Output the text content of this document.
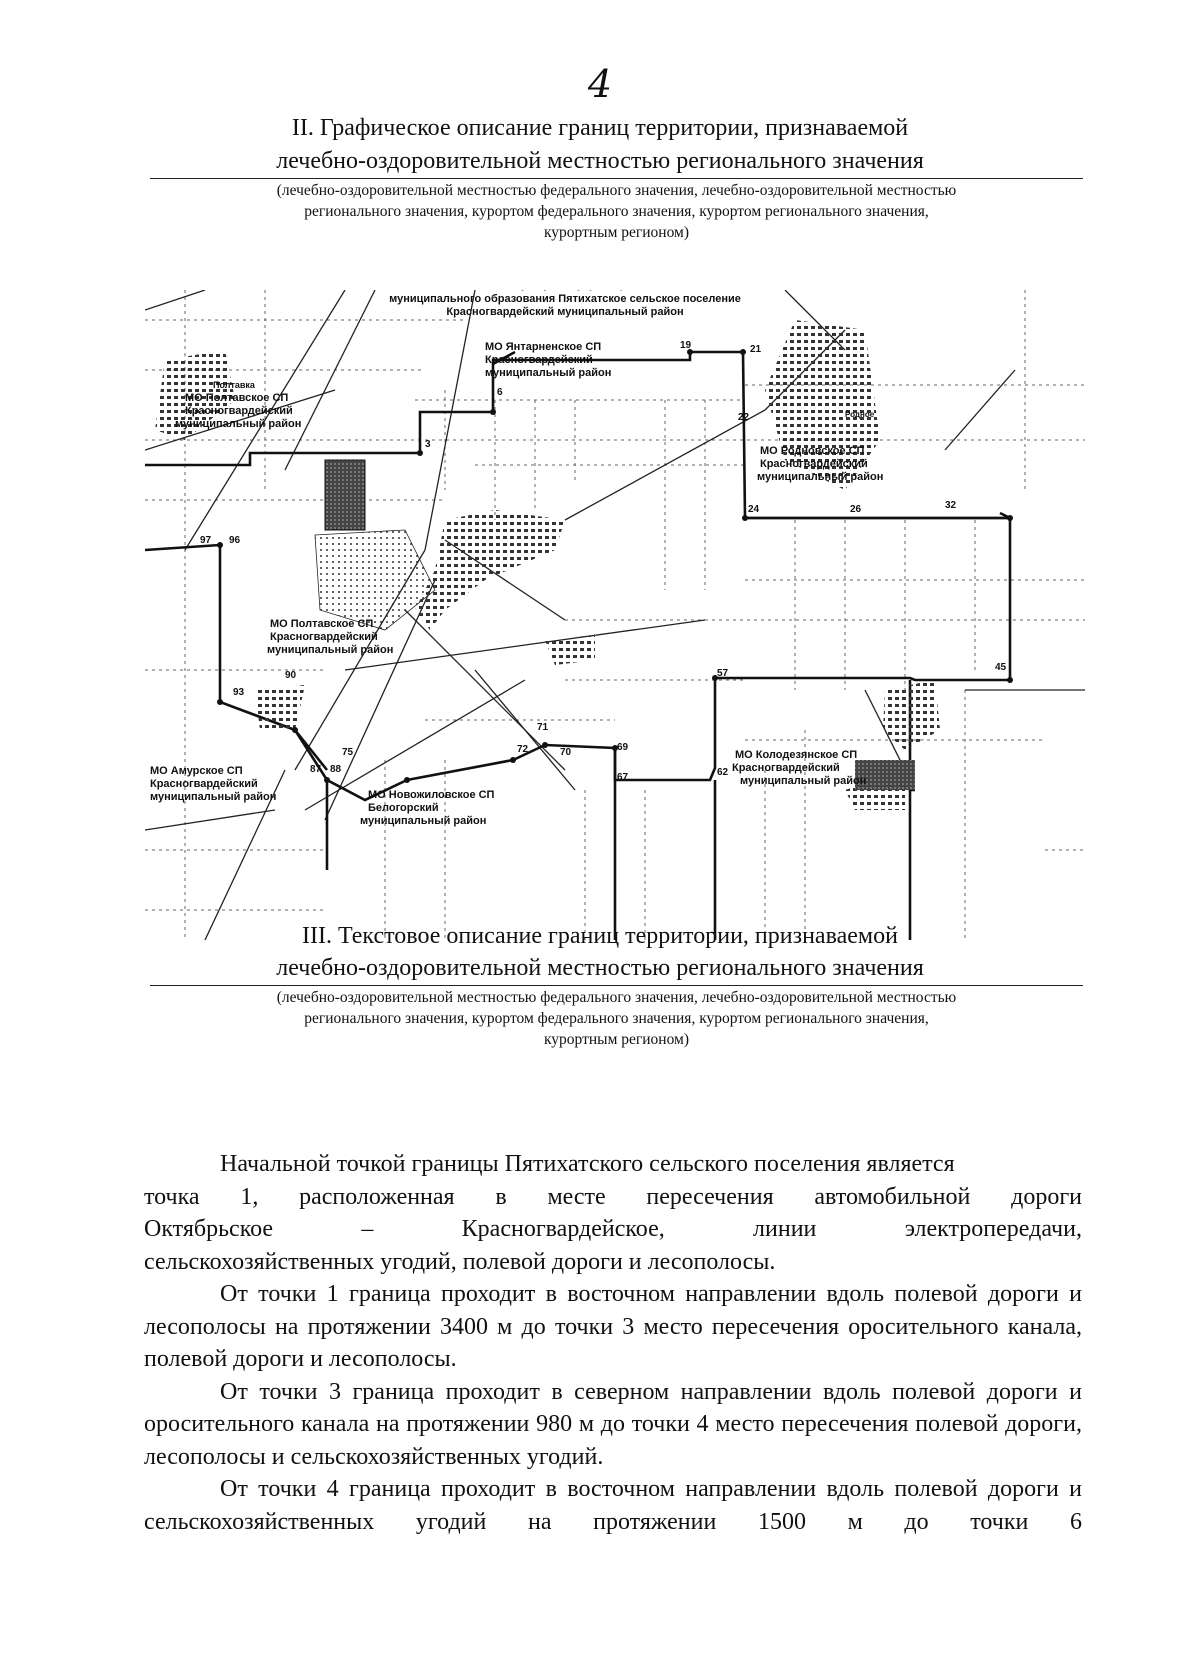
4
II. Графическое описание границ территории, признаваемой
лечебно-оздоровительной местностью регионального значения
(лечебно-оздоровительной местностью федерального значения, лечебно-оздоровительной местностью
регионального значения, курортом федерального значения, курортом регионального значения,
курортным регионом)
97 96
93
90
88
87
75	72
71
70	69
67	62
57
45
32
26
24
22
21
19
6
3
муниципального образования Пятихатское сельское поселение
Красногвардейский муниципальный район
МО Янтарненское СП
Красногвардейский
муниципальный район
Полтавка
МО Полтавское СП
Красногвардейский
муниципальный район
Родное
МО Родновское СП
Красногвардейский
муниципальный район
МО Полтавское СП
Красногвардейский
муниципальный район
МО Амурское СП
Красногвардейский
муниципальный район	МО Новожиловское СП
Белогорский
муниципальный район
МО Колодезянское СП
Красногвардейский
муниципальный район
III. Текстовое описание границ территории, признаваемой
лечебно-оздоровительной местностью регионального значения
(лечебно-оздоровительной местностью федерального значения, лечебно-оздоровительной местностью
регионального значения, курортом федерального значения, курортом регионального значения,
курортным регионом)

Начальной точкой границы Пятихатского сельского поселения является

точка 1, расположенная в месте пересечения автомобильной дороги

Октябрьское	–	Красногвардейское,	линии	электропередачи,

сельскохозяйственных угодий, полевой дороги и лесополосы.

От точки 1 граница проходит в восточном направлении вдоль полевой дороги и лесополосы на протяжении 3400 м до точки 3 место пересечения оросительного канала, полевой дороги и лесополосы.

От точки 3 граница проходит в северном направлении вдоль полевой дороги и оросительного канала на протяжении 980 м до точки 4 место пересечения полевой дороги, лесополосы и сельскохозяйственных угодий.

От точки 4 граница проходит в восточном направлении вдоль полевой дороги и сельскохозяйственных угодий на протяжении 1500 м до точки 6
